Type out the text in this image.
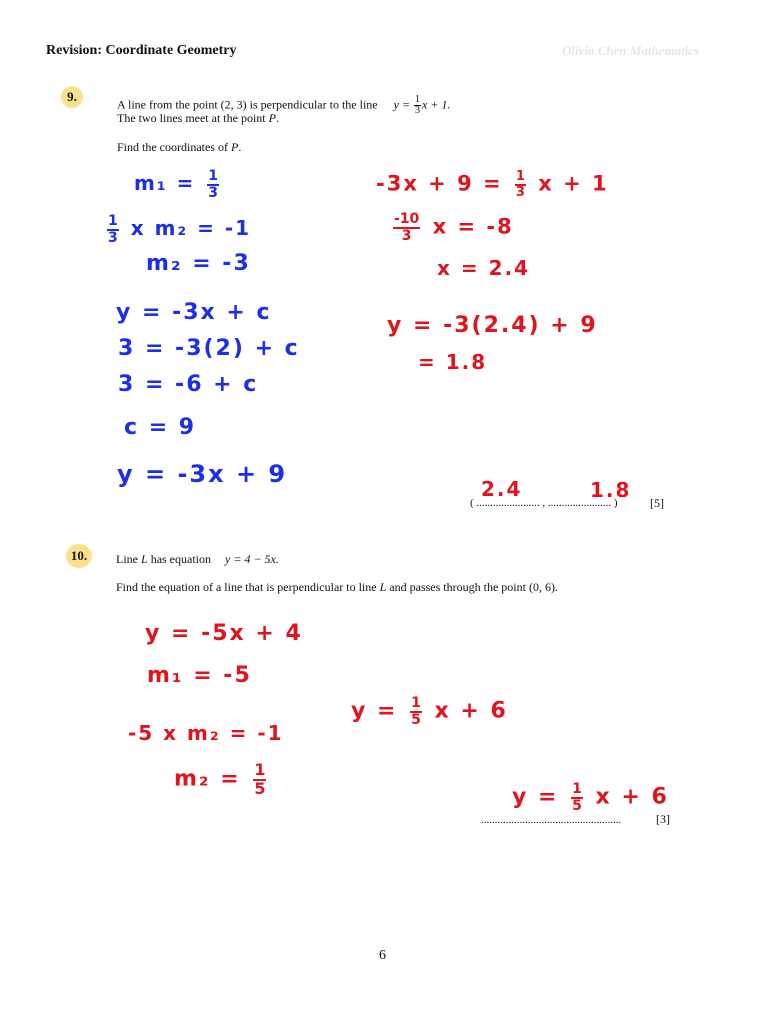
Revision: Coordinate Geometry	Olivia Chen Mathematics
9.
A line from the point (2, 3) is perpendicular to the line $y = \frac{1}{3}$ x + 1.
The two lines meet at the point P.
Find the coordinates of P.
$m_1 = \frac{1}{3}$
$\frac{1}{3}$ x m₂ = -1
m₂ = -3
y = -3x + c
3 = -3(2) + c
3 = -6 + c
c = 9
y = -3x + 9
$-3x + 9 = \frac{1}{3}$ x + 1
$\frac{-10}{3}$ x = -8
x = 2.4
y = -3(2.4) + 9
= 1.8
2.4	1.8
( ....................... , ....................... )	[5]
10.	Line L has equation y = 4 − 5x.
Find the equation of a line that is perpendicular to line L and passes through the point (0, 6).
y = -5x + 4
m₁ = -5
-5 x m₂ = -1
$m_2 = \frac{1}{5}$
$y = \frac{1}{5}$ x + 6
$y = \frac{1}{5}$ x + 6
...................................................	[3]
6
